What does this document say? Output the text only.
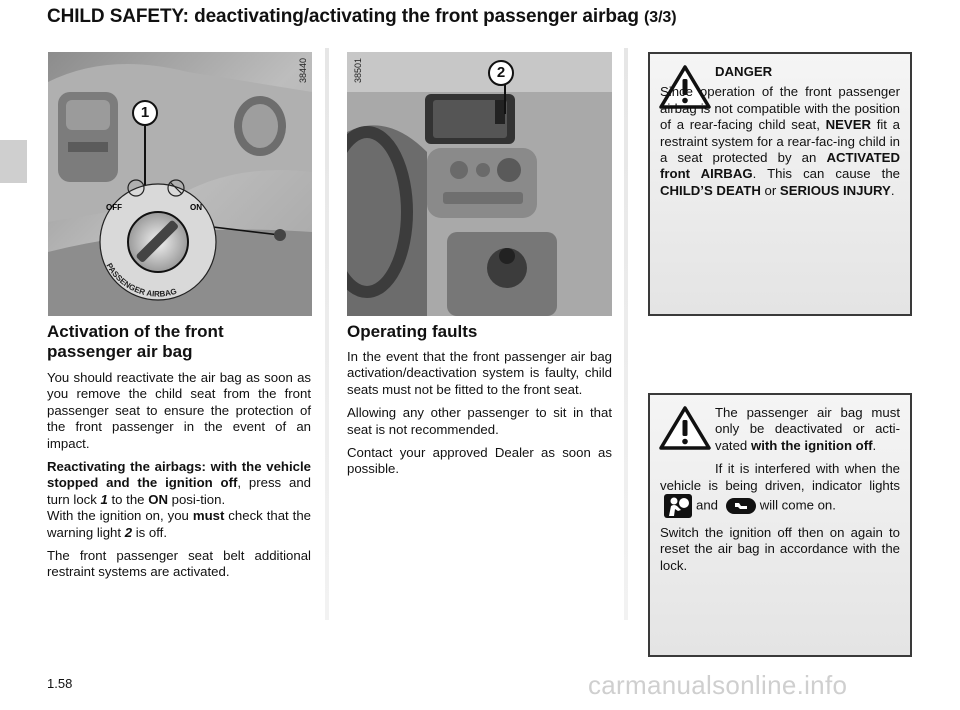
CHILD SAFETY: deactivating/activating the front passenger airbag (3/3)
OFF	ON
PASSENGER AIRBAG
1
38440	2
38501
Activation of the front passenger air bag

You should reactivate the air bag as soon as you remove the child seat from the front passenger seat to ensure the protection of the front passenger in the event of an impact.

Reactivating the airbags: with the vehicle stopped and the ignition off, press and turn lock 1 to the ON posi-tion.
With the ignition on, you must check that the warning light 2 is off.

The front passenger seat belt additional restraint systems are activated.

Operating faults

In the event that the front passenger air bag activation/deactivation system is faulty, child seats must not be fitted to the front seat.

Allowing any other passenger to sit in that seat is not recommended.

Contact your approved Dealer as soon as possible.

DANGER

Since operation of the front passenger airbag is not compatible with the position of a rear-facing child seat, NEVER fit a restraint system for a rear-fac-ing child in a seat protected by an ACTIVATED front AIRBAG. This can cause the CHILD’S DEATH or SERIOUS INJURY.

The passenger air bag must only be deactivated or acti-vated with the ignition off.

If it is interfered with when the vehicle is being driven, indicator lights and	will come on.

Switch the ignition off then on again to reset the air bag in accordance with the lock.

1.58	carmanualsonline.info
